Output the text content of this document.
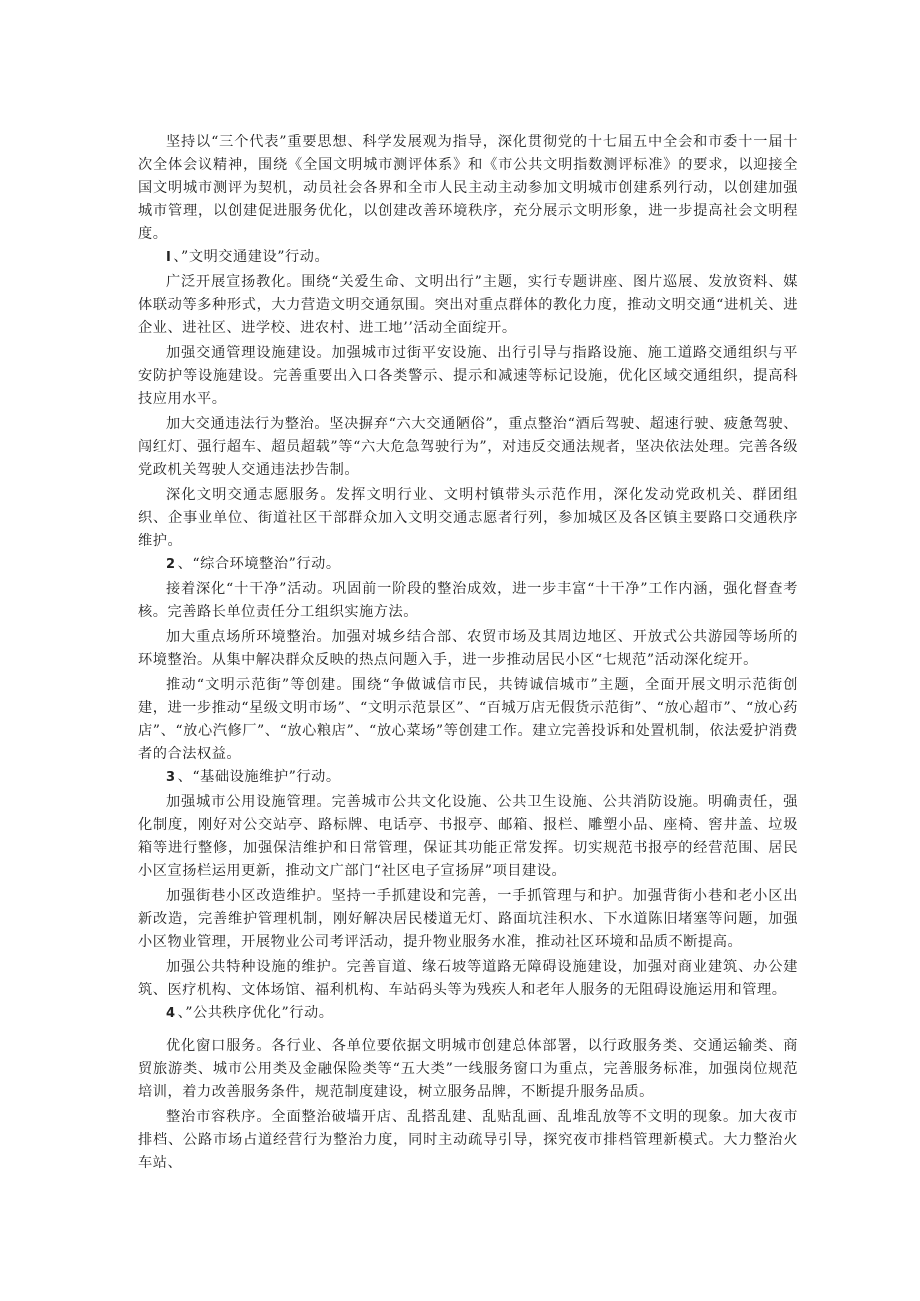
坚持以“三个代表”重要思想、科学发展观为指导，深化贯彻党的十七届五中全会和市委十一届十次全体会议精神，围绕《全国文明城市测评体系》和《市公共文明指数测评标准》的要求，以迎接全国文明城市测评为契机，动员社会各界和全市人民主动主动参加文明城市创建系列行动，以创建加强城市管理，以创建促进服务优化，以创建改善环境秩序，充分展示文明形象，进一步提高社会文明程度。

I 、”文明交通建设”行动。

广泛开展宣扬教化。围绕“关爱生命、文明出行”主题，实行专题讲座、图片巡展、发放资料、媒体联动等多种形式，大力营造文明交通氛围。突出对重点群体的教化力度，推动文明交通“进机关、进企业、进社区、进学校、进农村、进工地’’活动全面绽开。

加强交通管理设施建设。加强城市过街平安设施、出行引导与指路设施、施工道路交通组织与平安防护等设施建设。完善重要出入口各类警示、提示和减速等标记设施，优化区域交通组织，提高科技应用水平。

加大交通违法行为整治。坚决摒弃“六大交通陋俗”，重点整治“酒后驾驶、超速行驶、疲惫驾驶、闯红灯、强行超车、超员超载”等“六大危急驾驶行为”，对违反交通法规者，坚决依法处理。完善各级党政机关驾驶人交通违法抄告制。

深化文明交通志愿服务。发挥文明行业、文明村镇带头示范作用，深化发动党政机关、群团组织、企事业单位、街道社区干部群众加入文明交通志愿者行列，参加城区及各区镇主要路口交通秩序维护。

2 、“综合环境整治”行动。

接着深化“十干净”活动。巩固前一阶段的整治成效，进一步丰富“十干净”工作内涵，强化督查考核。完善路长单位责任分工组织实施方法。

加大重点场所环境整治。加强对城乡结合部、农贸市场及其周边地区、开放式公共游园等场所的环境整治。从集中解决群众反映的热点问题入手，进一步推动居民小区“七规范”活动深化绽开。

推动“文明示范街”等创建。围绕“争做诚信市民，共铸诚信城市”主题，全面开展文明示范街创建，进一步推动“星级文明市场”、“文明示范景区”、“百城万店无假货示范街”、“放心超市”、“放心药店”、“放心汽修厂”、“放心粮店”、“放心菜场”等创建工作。建立完善投诉和处置机制，依法爱护消费者的合法权益。

3 、“基础设施维护”行动。

加强城市公用设施管理。完善城市公共文化设施、公共卫生设施、公共消防设施。明确责任，强化制度，刚好对公交站亭、路标牌、电话亭、书报亭、邮箱、报栏、雕塑小品、座椅、窖井盖、垃圾箱等进行整修，加强保洁维护和日常管理，保证其功能正常发挥。切实规范书报亭的经营范围、居民小区宣扬栏运用更新，推动文广部门“社区电子宣扬屏”项目建设。

加强街巷小区改造维护。坚持一手抓建设和完善，一手抓管理与和护。加强背街小巷和老小区出新改造，完善维护管理机制，刚好解决居民楼道无灯、路面坑洼积水、下水道陈旧堵塞等问题，加强小区物业管理，开展物业公司考评活动，提升物业服务水准，推动社区环境和品质不断提高。

加强公共特种设施的维护。完善盲道、缘石坡等道路无障碍设施建设，加强对商业建筑、办公建筑、医疗机构、文体场馆、福利机构、车站码头等为残疾人和老年人服务的无阻碍设施运用和管理。

4 、”公共秩序优化”行动。

优化窗口服务。各行业、各单位要依据文明城市创建总体部署，以行政服务类、交通运输类、商贸旅游类、城市公用类及金融保险类等“五大类”一线服务窗口为重点，完善服务标准，加强岗位规范培训，着力改善服务条件，规范制度建设，树立服务品牌，不断提升服务品质。

整治市容秩序。全面整治破墙开店、乱搭乱建、乱贴乱画、乱堆乱放等不文明的现象。加大夜市排档、公路市场占道经营行为整治力度，同时主动疏导引导，探究夜市排档管理新模式。大力整治火车站、
